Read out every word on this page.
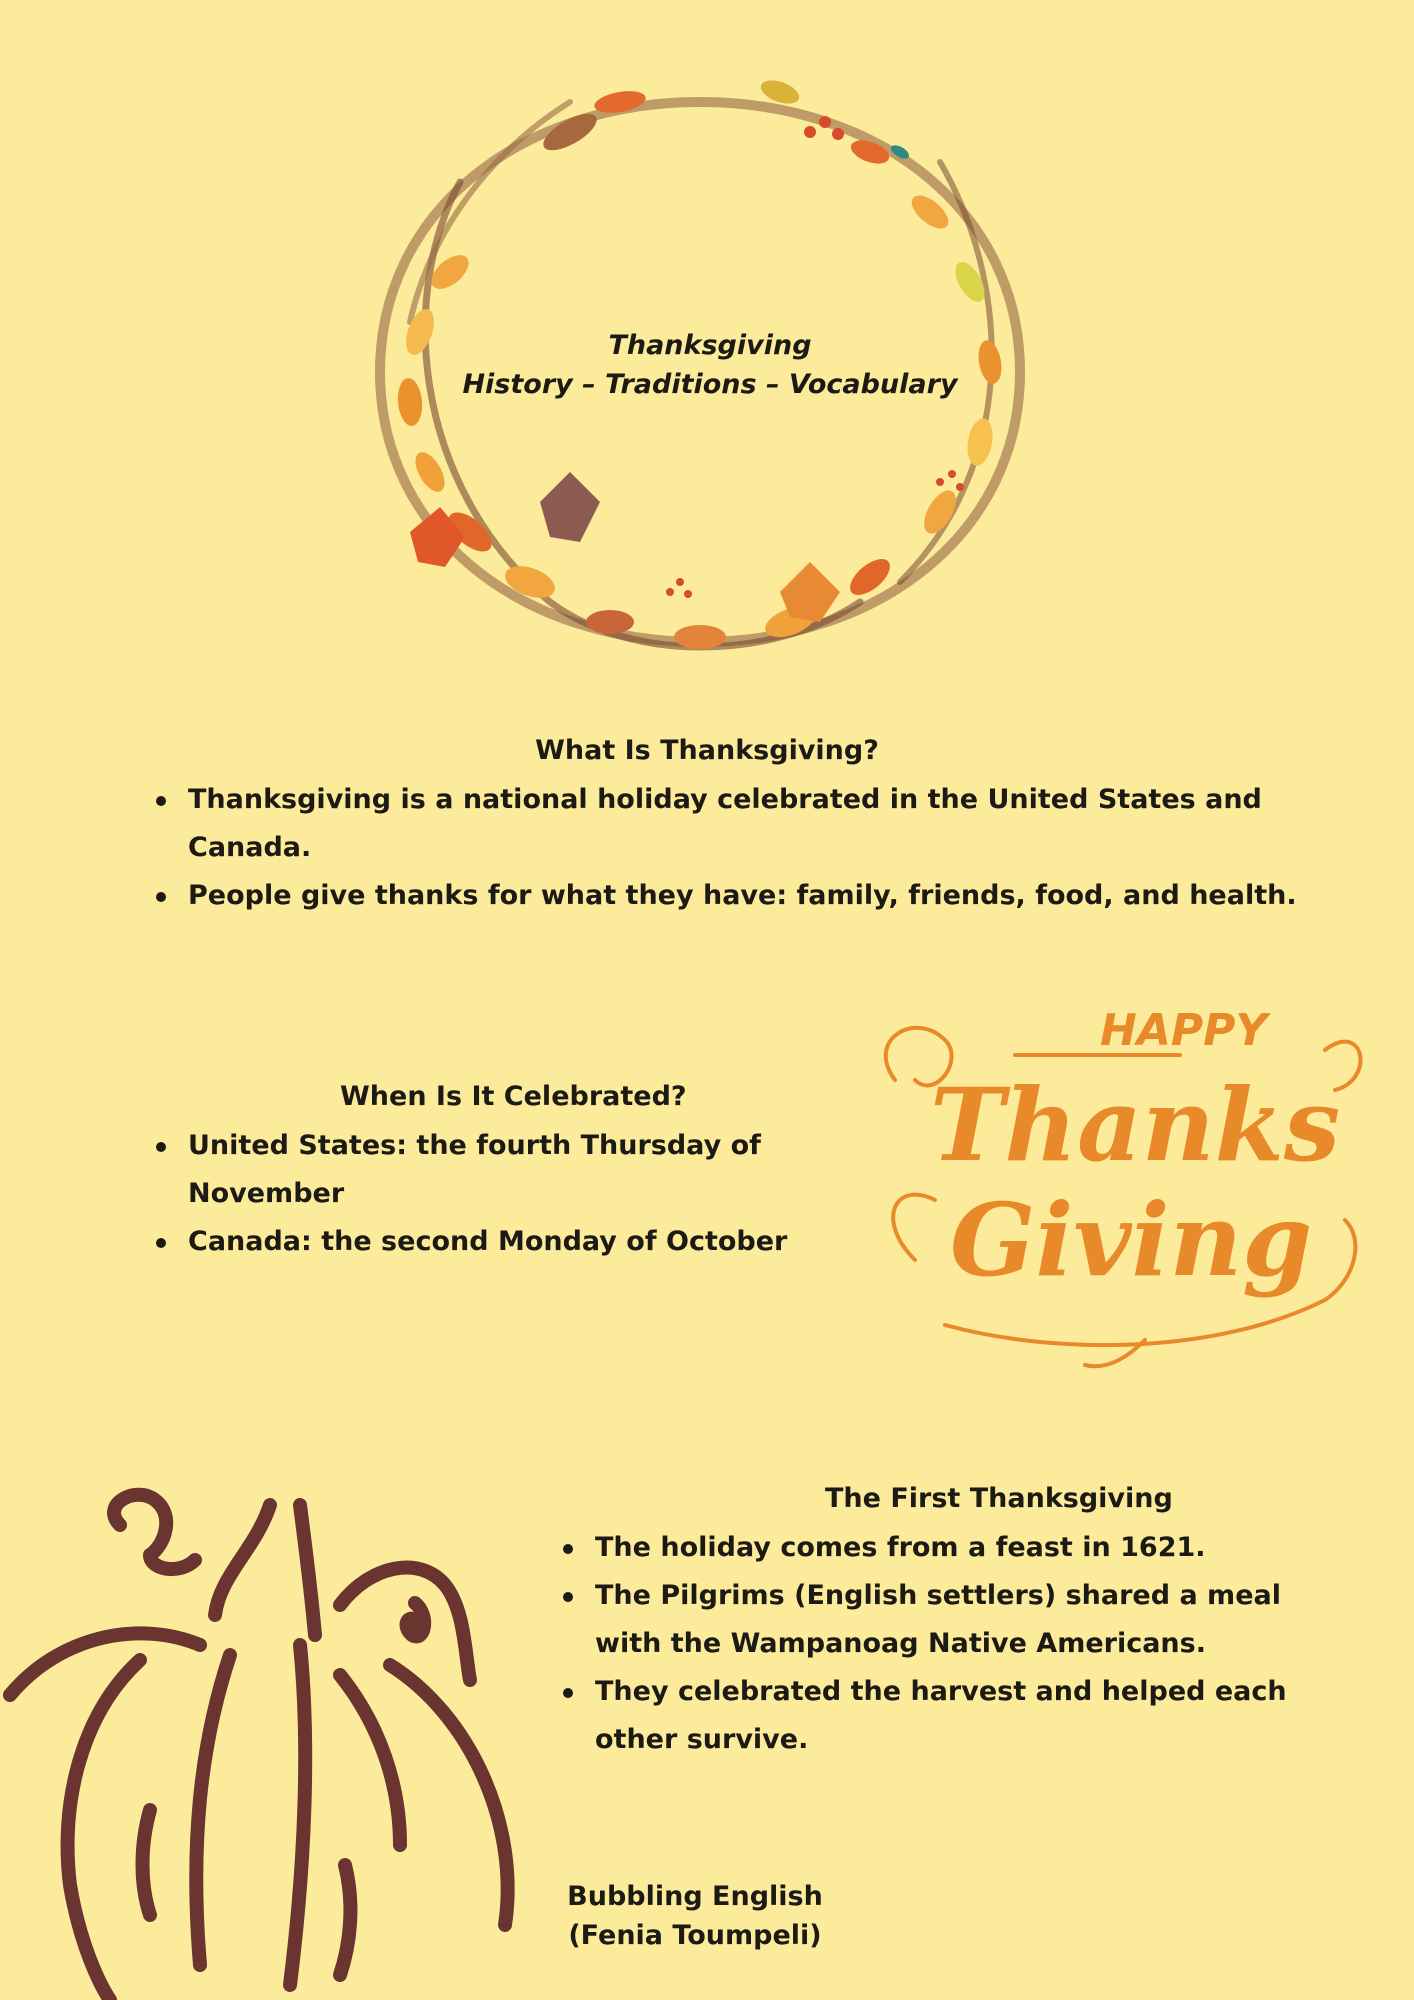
Thanksgiving
History – Traditions – Vocabulary
What Is Thanksgiving?
Thanksgiving is a national holiday celebrated in the United States and Canada.
People give thanks for what they have: family, friends, food, and health.
When Is It Celebrated?
United States: the fourth Thursday of November
Canada: the second Monday of October
HAPPY
Thanks
Giving
The First Thanksgiving
The holiday comes from a feast in 1621.
The Pilgrims (English settlers) shared a meal with the Wampanoag Native Americans.
They celebrated the harvest and helped each other survive.
Bubbling English
(Fenia Toumpeli)
